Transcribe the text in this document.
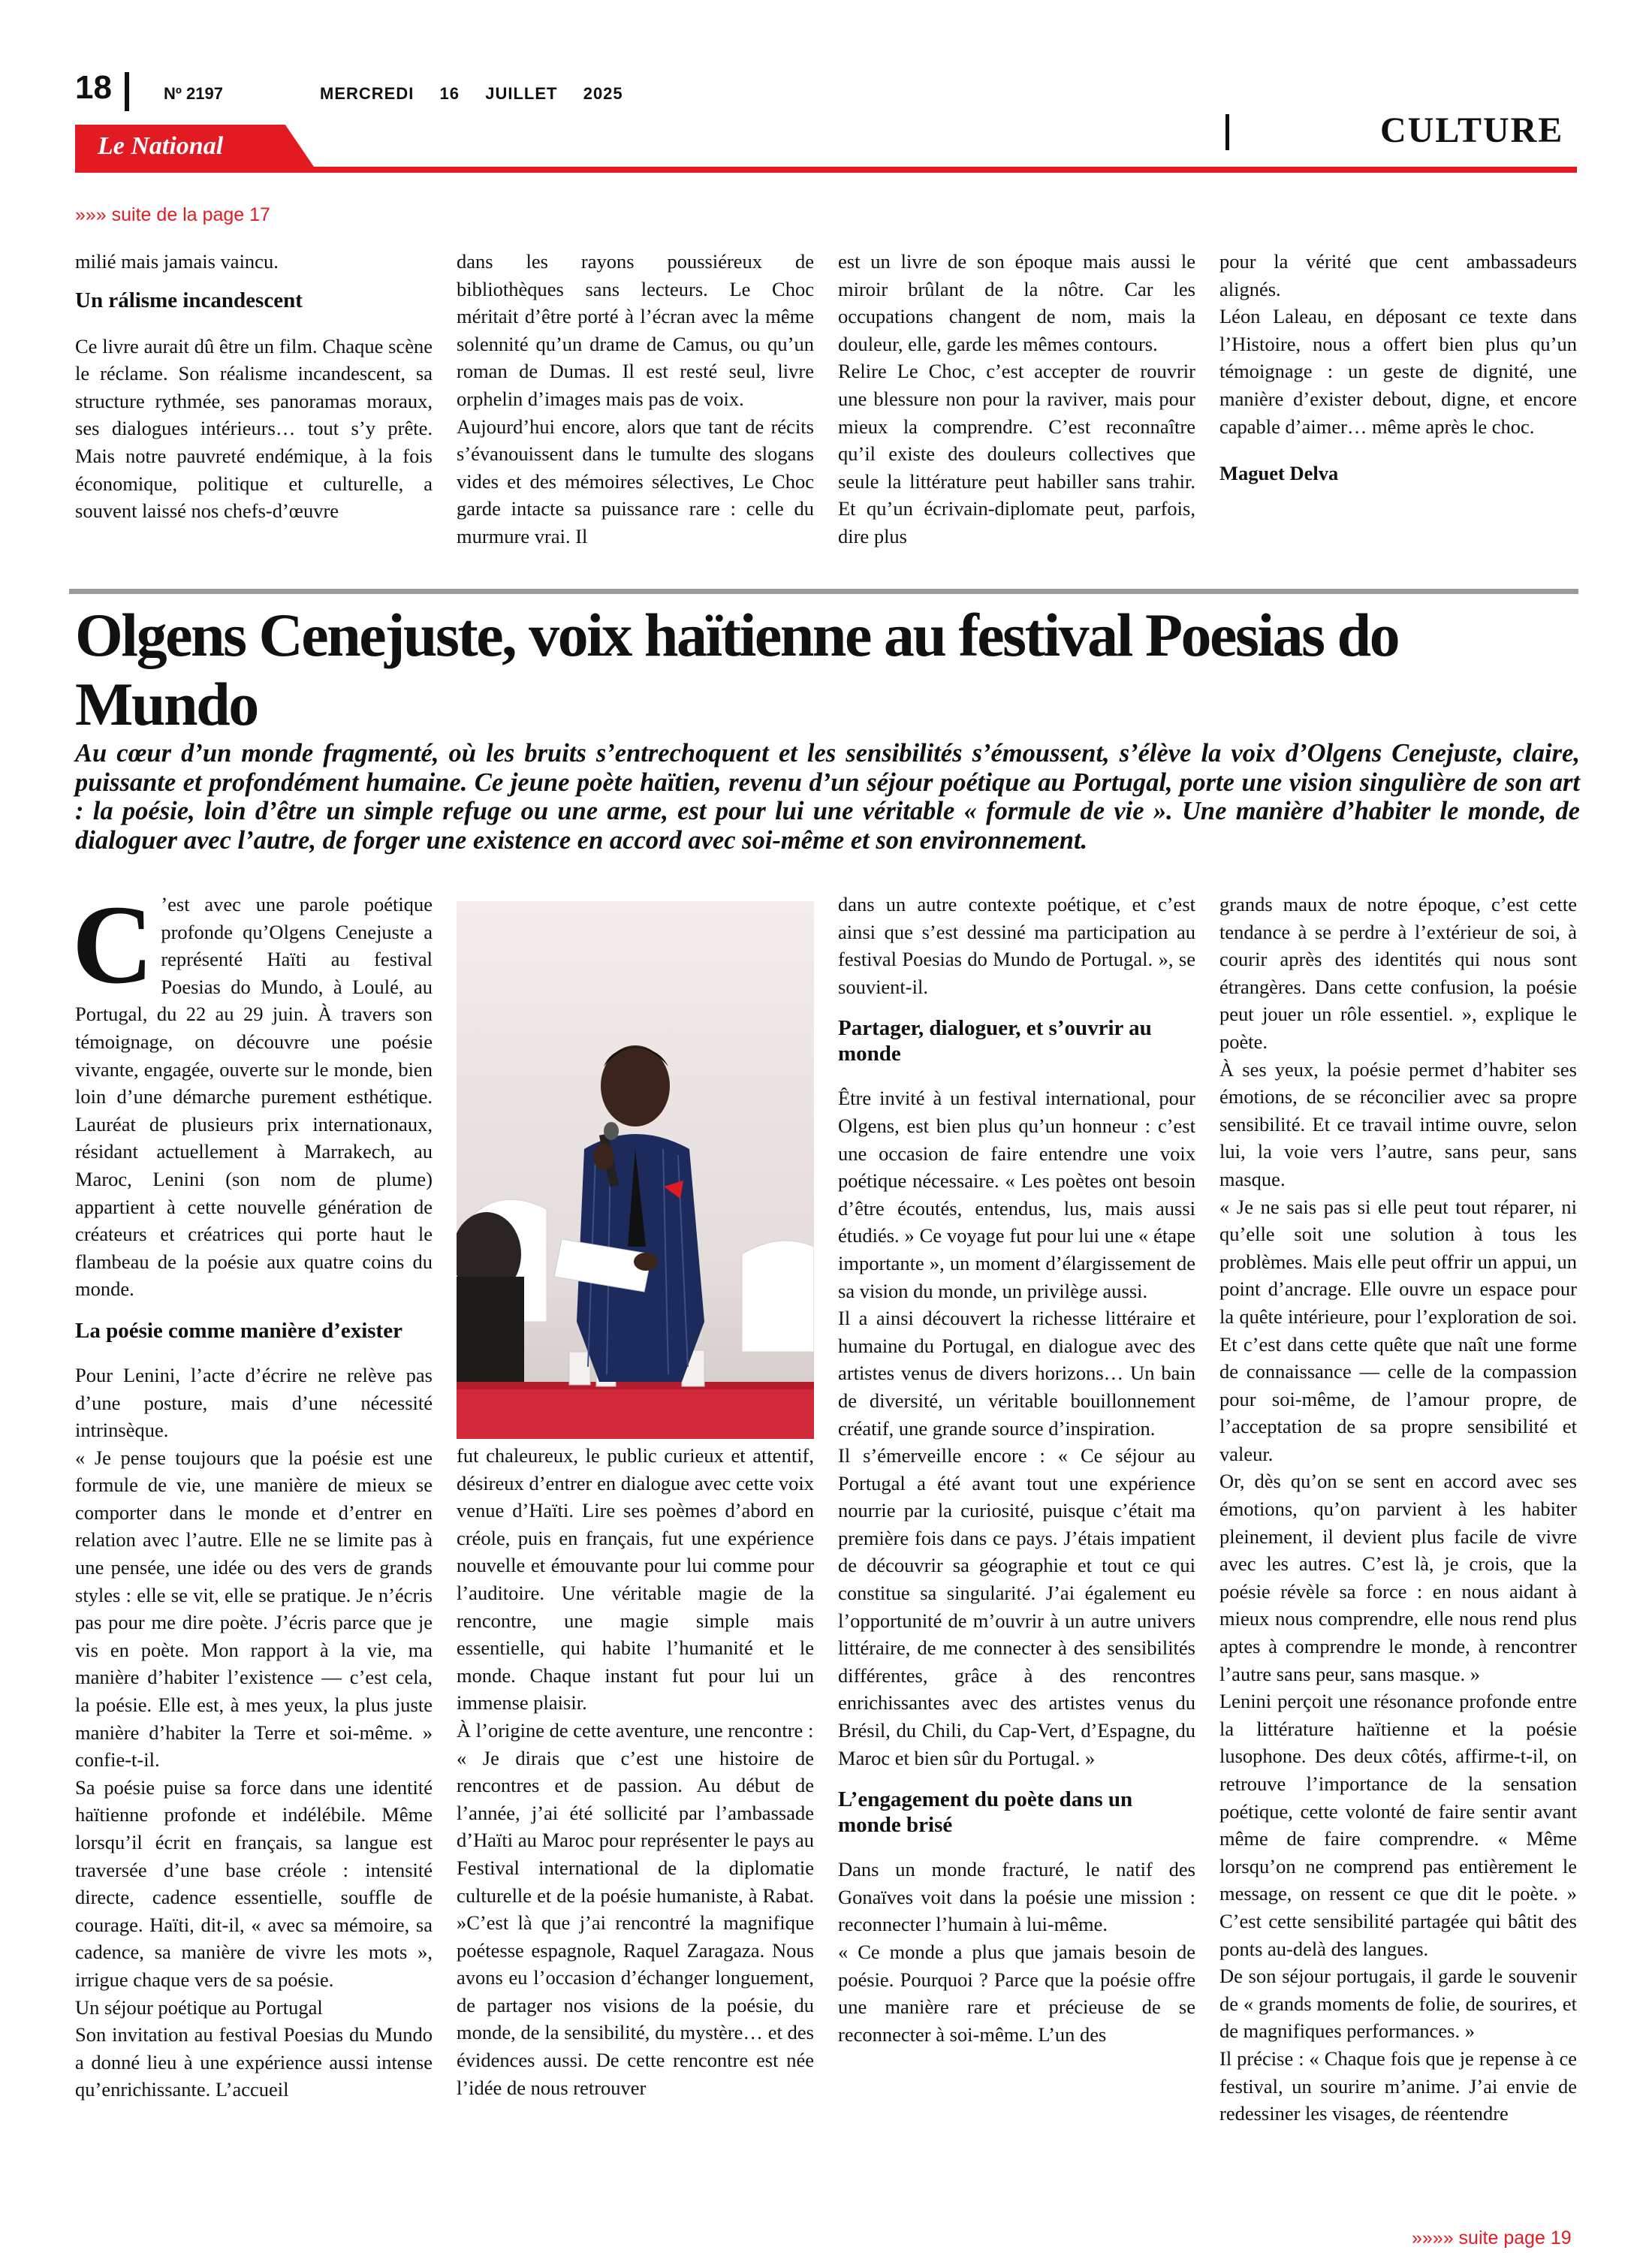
18	Nº 2197	MERCREDI  16  JUILLET  2025
CULTURE
Le National
»»» suite de la page 17

milié mais jamais vaincu.

Un rálisme incandescent

Ce livre aurait dû être un film. Chaque scène le réclame. Son réalisme incandescent, sa structure rythmée, ses panoramas moraux, ses dialogues intérieurs… tout s’y prête. Mais notre pauvreté endémique, à la fois économique, politique et culturelle, a souvent laissé nos chefs-d’œuvre

dans les rayons poussiéreux de bibliothèques sans lecteurs. Le Choc méritait d’être porté à l’écran avec la même solennité qu’un drame de Camus, ou qu’un roman de Dumas. Il est resté seul, livre orphelin d’images mais pas de voix.

Aujourd’hui encore, alors que tant de récits s’évanouissent dans le tumulte des slogans vides et des mémoires sélectives, Le Choc garde intacte sa puissance rare : celle du murmure vrai. Il

est un livre de son époque mais aussi le miroir brûlant de la nôtre. Car les occupations changent de nom, mais la douleur, elle, garde les mêmes contours.

Relire Le Choc, c’est accepter de rouvrir une blessure non pour la raviver, mais pour mieux la comprendre. C’est reconnaître qu’il existe des douleurs collectives que seule la littérature peut habiller sans trahir. Et qu’un écrivain-diplomate peut, parfois, dire plus

pour la vérité que cent ambassadeurs alignés.

Léon Laleau, en déposant ce texte dans l’Histoire, nous a offert bien plus qu’un témoignage : un geste de dignité, une manière d’exister debout, digne, et encore capable d’aimer… même après le choc.

Maguet Delva

Olgens Cenejuste, voix haïtienne au festival Poesias do Mundo
Au cœur d’un monde fragmenté, où les bruits s’entrechoquent et les sensibilités s’émoussent, s’élève la voix d’Olgens Cenejuste, claire, puissante et profondément humaine. Ce jeune poète haïtien, revenu d’un séjour poétique au Portugal, porte une vision singulière de son art : la poésie, loin d’être un simple refuge ou une arme, est pour lui une véritable « formule de vie ». Une manière d’habiter le monde, de dialoguer avec l’autre, de forger une existence en accord avec soi-même et son environnement.

C ’est avec une parole poétique profonde qu’Olgens Cenejuste a représenté Haïti au festival Poesias do Mundo, à Loulé, au Portugal, du 22 au 29 juin. À travers son témoignage, on découvre une poésie vivante, engagée, ouverte sur le monde, bien loin d’une démarche purement esthétique. Lauréat de plusieurs prix internationaux, résidant actuellement à Marrakech, au Maroc, Lenini (son nom de plume) appartient à cette nouvelle génération de créateurs et créatrices qui porte haut le flambeau de la poésie aux quatre coins du monde.

La poésie comme manière d’exister

Pour Lenini, l’acte d’écrire ne relève pas d’une posture, mais d’une nécessité intrinsèque.

« Je pense toujours que la poésie est une formule de vie, une manière de mieux se comporter dans le monde et d’entrer en relation avec l’autre. Elle ne se limite pas à une pensée, une idée ou des vers de grands styles : elle se vit, elle se pratique. Je n’écris pas pour me dire poète. J’écris parce que je vis en poète. Mon rapport à la vie, ma manière d’habiter l’existence — c’est cela, la poésie. Elle est, à mes yeux, la plus juste manière d’habiter la Terre et soi-même. » confie-t-il.

Sa poésie puise sa force dans une identité haïtienne profonde et indélébile. Même lorsqu’il écrit en français, sa langue est traversée d’une base créole : intensité directe, cadence essentielle, souffle de courage. Haïti, dit-il, « avec sa mémoire, sa cadence, sa manière de vivre les mots », irrigue chaque vers de sa poésie.

Un séjour poétique au Portugal

Son invitation au festival Poesias du Mundo a donné lieu à une expérience aussi intense qu’enrichissante. L’accueil

fut chaleureux, le public curieux et attentif, désireux d’entrer en dialogue avec cette voix venue d’Haïti. Lire ses poèmes d’abord en créole, puis en français, fut une expérience nouvelle et émouvante pour lui comme pour l’auditoire. Une véritable magie de la rencontre, une magie simple mais essentielle, qui habite l’humanité et le monde. Chaque instant fut pour lui un immense plaisir.

À l’origine de cette aventure, une rencontre :

« Je dirais que c’est une histoire de rencontres et de passion. Au début de l’année, j’ai été sollicité par l’ambassade d’Haïti au Maroc pour représenter le pays au Festival international de la diplomatie culturelle et de la poésie humaniste, à Rabat. »C’est là que j’ai rencontré la magnifique poétesse espagnole, Raquel Zaragaza. Nous avons eu l’occasion d’échanger longuement, de partager nos visions de la poésie, du monde, de la sensibilité, du mystère… et des évidences aussi. De cette rencontre est née l’idée de nous retrouver

dans un autre contexte poétique, et c’est ainsi que s’est dessiné ma participation au festival Poesias do Mundo de Portugal. », se souvient-il.

Partager, dialoguer, et s’ouvrir au monde

Être invité à un festival international, pour Olgens, est bien plus qu’un honneur : c’est une occasion de faire entendre une voix poétique nécessaire. « Les poètes ont besoin d’être écoutés, entendus, lus, mais aussi étudiés. » Ce voyage fut pour lui une « étape importante », un moment d’élargissement de sa vision du monde, un privilège aussi.

Il a ainsi découvert la richesse littéraire et humaine du Portugal, en dialogue avec des artistes venus de divers horizons… Un bain de diversité, un véritable bouillonnement créatif, une grande source d’inspiration.

Il s’émerveille encore : « Ce séjour au Portugal a été avant tout une expérience nourrie par la curiosité, puisque c’était ma première fois dans ce pays. J’étais impatient de découvrir sa géographie et tout ce qui constitue sa singularité. J’ai également eu l’opportunité de m’ouvrir à un autre univers littéraire, de me connecter à des sensibilités différentes, grâce à des rencontres enrichissantes avec des artistes venus du Brésil, du Chili, du Cap-Vert, d’Espagne, du Maroc et bien sûr du Portugal. »

L’engagement du poète dans un monde brisé

Dans un monde fracturé, le natif des Gonaïves voit dans la poésie une mission : reconnecter l’humain à lui-même.

« Ce monde a plus que jamais besoin de poésie. Pourquoi ? Parce que la poésie offre une manière rare et précieuse de se reconnecter à soi-même. L’un des

grands maux de notre époque, c’est cette tendance à se perdre à l’extérieur de soi, à courir après des identités qui nous sont étrangères. Dans cette confusion, la poésie peut jouer un rôle essentiel. », explique le poète.

À ses yeux, la poésie permet d’habiter ses émotions, de se réconcilier avec sa propre sensibilité. Et ce travail intime ouvre, selon lui, la voie vers l’autre, sans peur, sans masque.

« Je ne sais pas si elle peut tout réparer, ni qu’elle soit une solution à tous les problèmes. Mais elle peut offrir un appui, un point d’ancrage. Elle ouvre un espace pour la quête intérieure, pour l’exploration de soi. Et c’est dans cette quête que naît une forme de connaissance — celle de la compassion pour soi-même, de l’amour propre, de l’acceptation de sa propre sensibilité et valeur.

Or, dès qu’on se sent en accord avec ses émotions, qu’on parvient à les habiter pleinement, il devient plus facile de vivre avec les autres. C’est là, je crois, que la poésie révèle sa force : en nous aidant à mieux nous comprendre, elle nous rend plus aptes à comprendre le monde, à rencontrer l’autre sans peur, sans masque. »

Lenini perçoit une résonance profonde entre la littérature haïtienne et la poésie lusophone. Des deux côtés, affirme-t-il, on retrouve l’importance de la sensation poétique, cette volonté de faire sentir avant même de faire comprendre. « Même lorsqu’on ne comprend pas entièrement le message, on ressent ce que dit le poète. » C’est cette sensibilité partagée qui bâtit des ponts au-delà des langues.

De son séjour portugais, il garde le souvenir de « grands moments de folie, de sourires, et de magnifiques performances. »

Il précise : « Chaque fois que je repense à ce festival, un sourire m’anime. J’ai envie de redessiner les visages, de réentendre

»»»» suite page 19
